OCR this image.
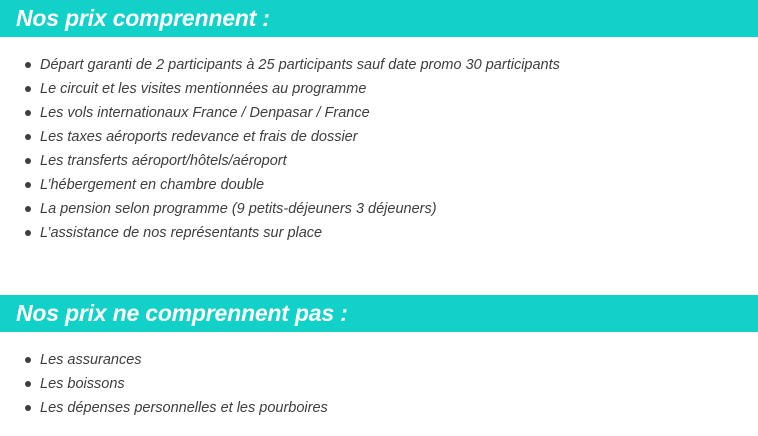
Nos prix comprennent :
Départ garanti de 2 participants à 25 participants sauf date promo 30 participants
Le circuit et les visites mentionnées au programme
Les vols internationaux France / Denpasar / France
Les taxes aéroports redevance et frais de dossier
Les transferts aéroport/hôtels/aéroport
L’hébergement en chambre double
La pension selon programme (9 petits-déjeuners 3 déjeuners)
L’assistance de nos représentants sur place
Nos prix ne comprennent pas :
Les assurances
Les boissons
Les dépenses personnelles et les pourboires
